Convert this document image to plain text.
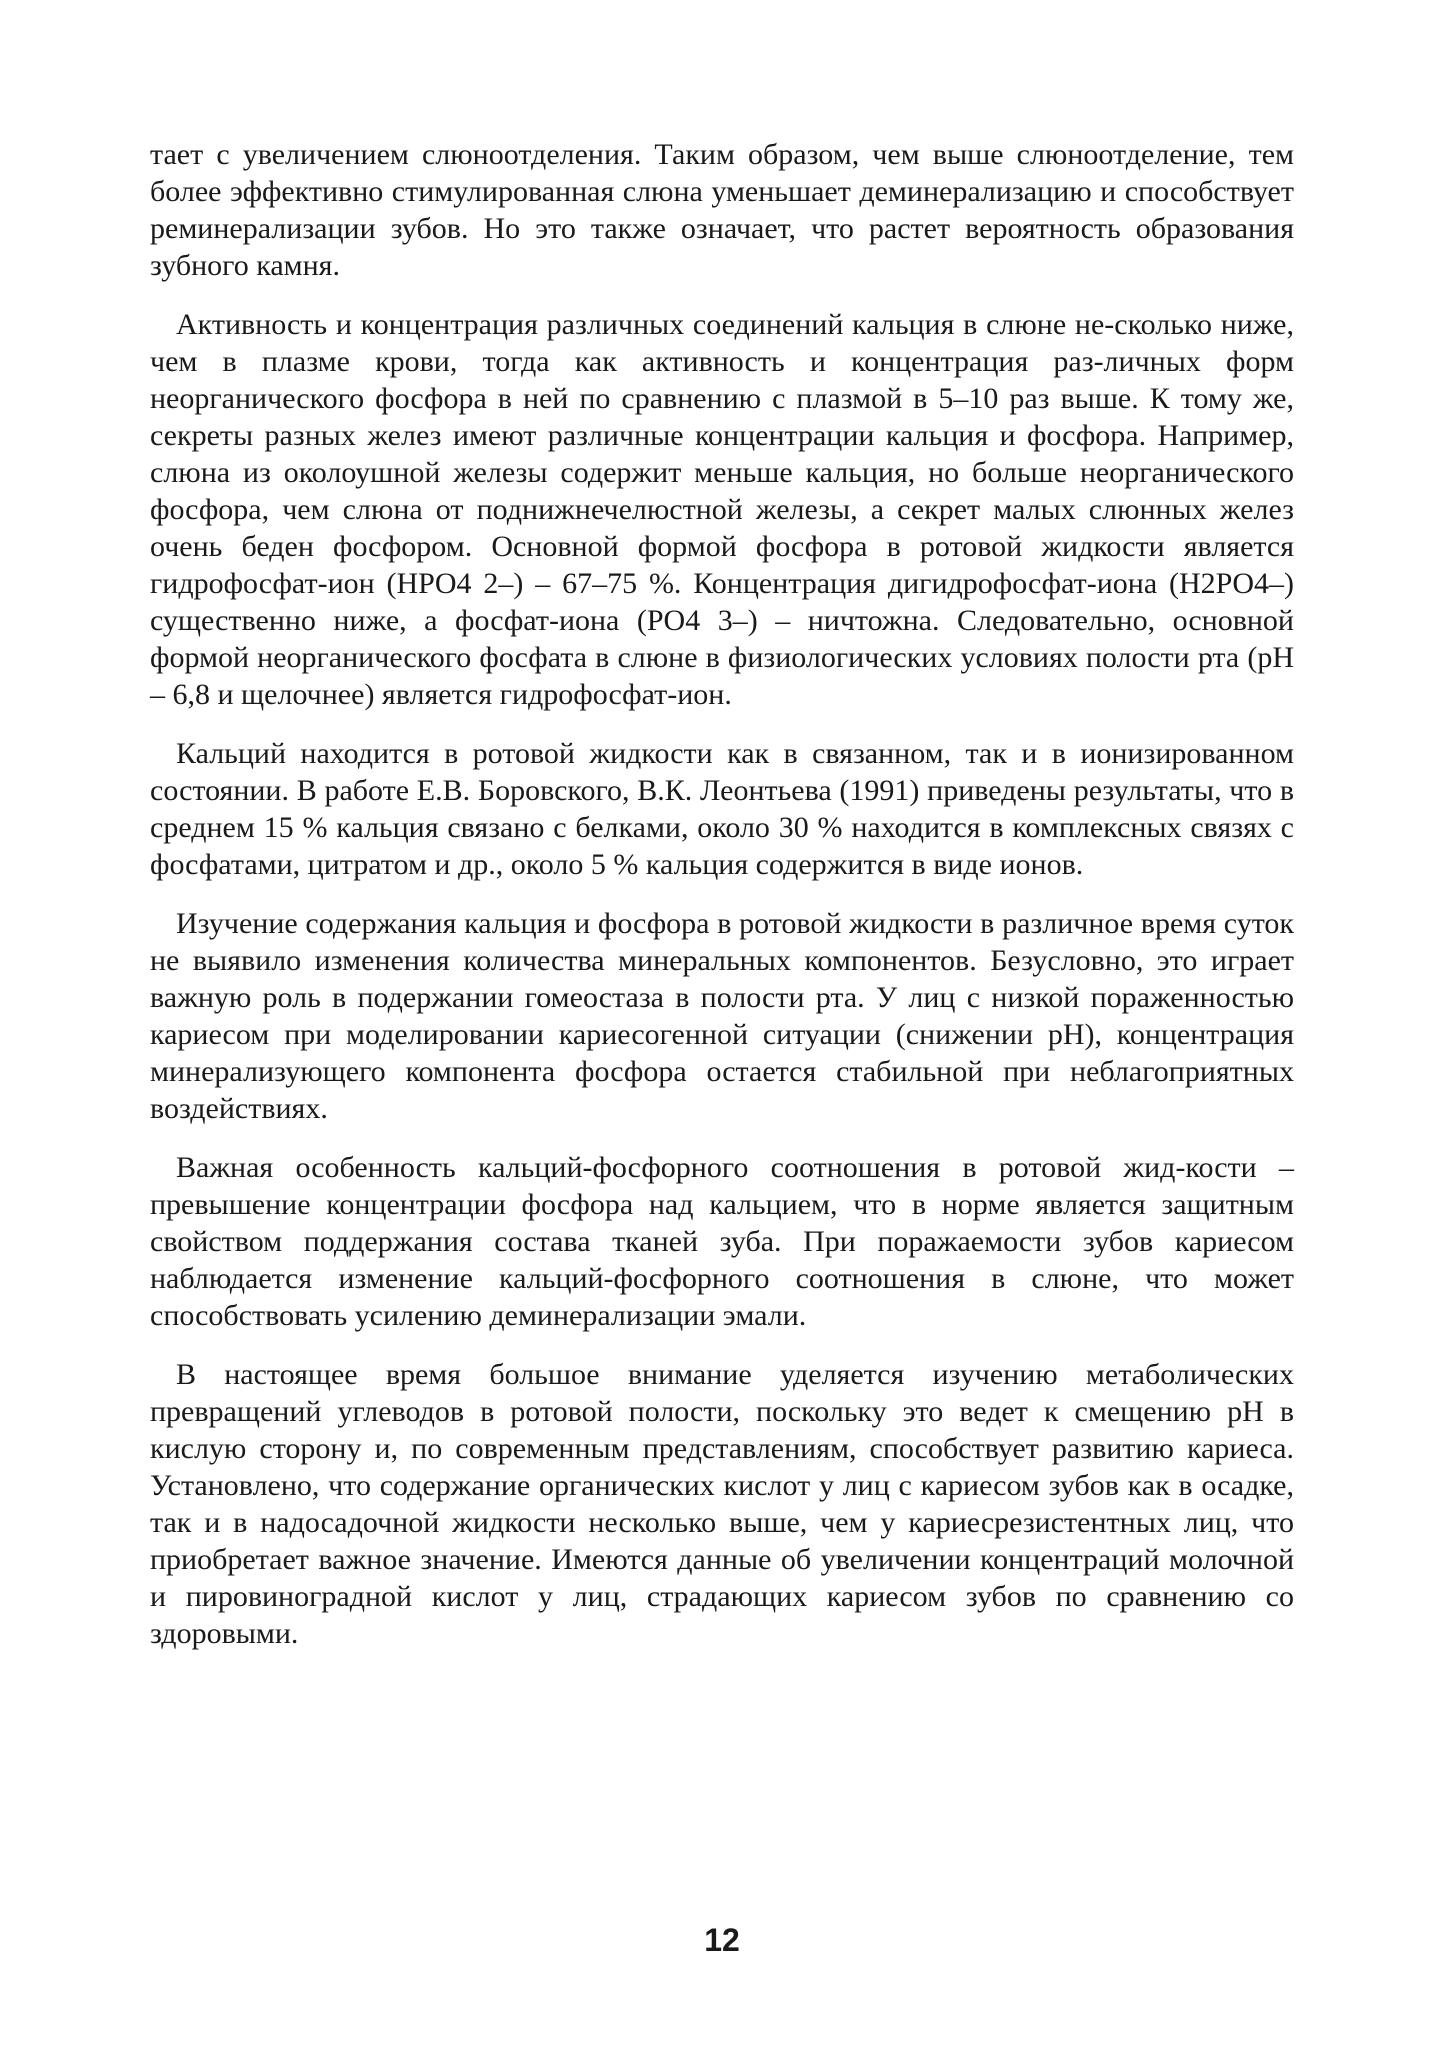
тает с увеличением слюноотделения. Таким образом, чем выше слюноотделение, тем более эффективно стимулированная слюна уменьшает деминерализацию и способствует реминерализации зубов. Но это также означает, что растет вероятность образования зубного камня.

Активность и концентрация различных соединений кальция в слюне не-сколько ниже, чем в плазме крови, тогда как активность и концентрация раз-личных форм неорганического фосфора в ней по сравнению с плазмой в 5–10 раз выше. К тому же, секреты разных желез имеют различные концентрации кальция и фосфора. Например, слюна из околоушной железы содержит меньше кальция, но больше неорганического фосфора, чем слюна от поднижнечелюстной железы, а секрет малых слюнных желез очень беден фосфором. Основной формой фосфора в ротовой жидкости является гидрофосфат-ион (HPO4 2–) – 67–75 %. Концентрация дигидрофосфат-иона (H2PO4–) существенно ниже, а фосфат-иона (PO4 3–) – ничтожна. Следовательно, основной формой неорганического фосфата в слюне в физиологических условиях полости рта (pH – 6,8 и щелочнее) является гидрофосфат-ион.

Кальций находится в ротовой жидкости как в связанном, так и в ионизированном состоянии. В работе Е.В. Боровского, В.К. Леонтьева (1991) приведены результаты, что в среднем 15 % кальция связано с белками, около 30 % находится в комплексных связях с фосфатами, цитратом и др., около 5 % кальция содержится в виде ионов.

Изучение содержания кальция и фосфора в ротовой жидкости в различное время суток не выявило изменения количества минеральных компонентов. Безусловно, это играет важную роль в подержании гомеостаза в полости рта. У лиц с низкой пораженностью кариесом при моделировании кариесогенной ситуации (снижении pH), концентрация минерализующего компонента фосфора остается стабильной при неблагоприятных воздействиях.

Важная особенность кальций-фосфорного соотношения в ротовой жид-кости – превышение концентрации фосфора над кальцием, что в норме является защитным свойством поддержания состава тканей зуба. При поражаемости зубов кариесом наблюдается изменение кальций-фосфорного соотношения в слюне, что может способствовать усилению деминерализации эмали.

В настоящее время большое внимание уделяется изучению метаболических превращений углеводов в ротовой полости, поскольку это ведет к смещению pH в кислую сторону и, по современным представлениям, способствует развитию кариеса. Установлено, что содержание органических кислот у лиц с кариесом зубов как в осадке, так и в надосадочной жидкости несколько выше, чем у кариесрезистентных лиц, что приобретает важное значение. Имеются данные об увеличении концентраций молочной и пировиноградной кислот у лиц, страдающих кариесом зубов по сравнению со здоровыми.

12
